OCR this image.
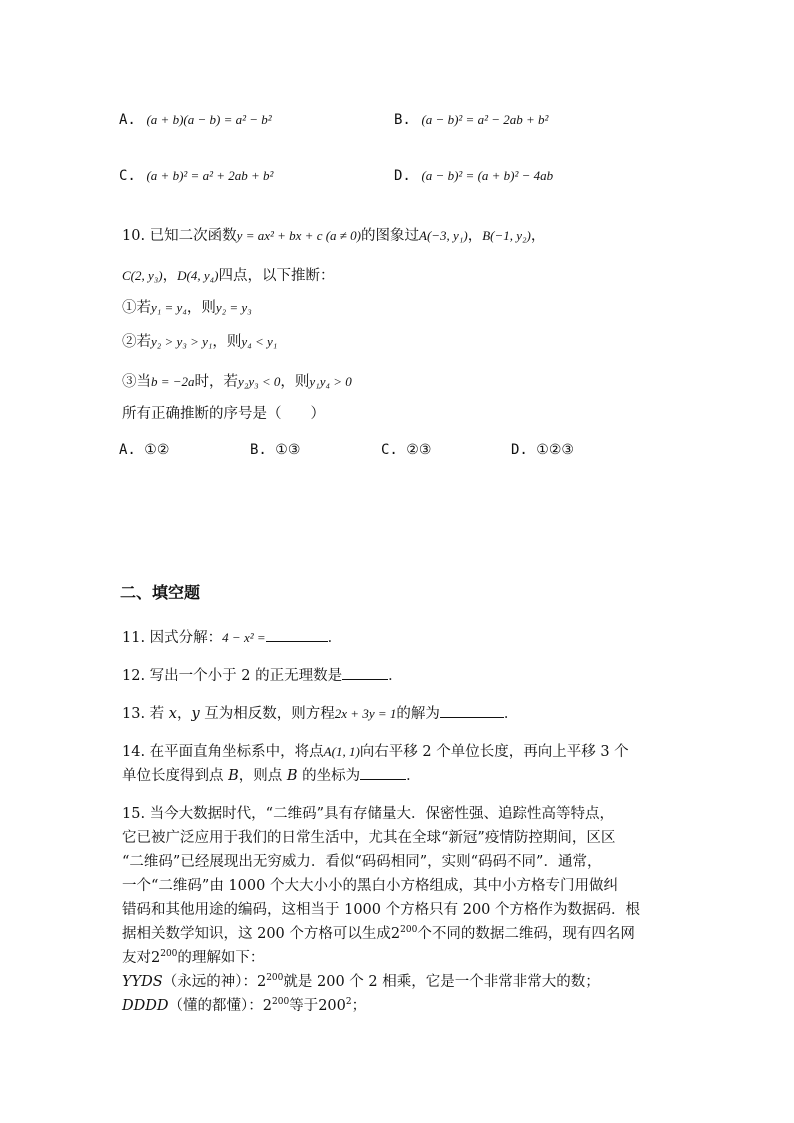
A. (a + b)(a − b) = a² − b²	B. (a − b)² = a² − 2ab + b²
C. (a + b)² = a² + 2ab + b²	D. (a − b)² = (a + b)² − 4ab
10. 已知二次函数y = ax² + bx + c (a ≠ 0)的图象过A(−3, y₁)，B(−1, y₂)，
C(2, y₃)，D(4, y₄)四点，以下推断：
①若y₁ = y₄，则y₂ = y₃
②若y₂ > y₃ > y₁，则y₄ < y₁
③当b = −2a时，若y₂y₃ < 0，则y₁y₄ > 0
所有正确推断的序号是（　　）
A. ①②	B. ①③	C. ②③	D. ①②③
二、填空题
11. 因式分解：4 − x² =	．
12. 写出一个小于 2 的正无理数是	．
13. 若 x，y 互为相反数，则方程2x + 3y = 1的解为	．
14. 在平面直角坐标系中，将点A(1, 1)向右平移 2 个单位长度，再向上平移 3 个
单位长度得到点 B，则点 B 的坐标为	．
15. 当今大数据时代，“二维码”具有存储量大．保密性强、追踪性高等特点，
它已被广泛应用于我们的日常生活中，尤其在全球“新冠”疫情防控期间，区区
“二维码”已经展现出无穷威力．看似“码码相同”，实则“码码不同”．通常，
一个“二维码”由 1000 个大大小小的黑白小方格组成，其中小方格专门用做纠
错码和其他用途的编码，这相当于 1000 个方格只有 200 个方格作为数据码．根
据相关数学知识，这 200 个方格可以生成$2^{200}$个不同的数据二维码，现有四名网
友对$2^{200}$的理解如下：
YYDS（永远的神）：$2^{200}$就是 200 个 2 相乘，它是一个非常非常大的数；
DDDD（懂的都懂）：$2^{200}$等于$200^2$；
